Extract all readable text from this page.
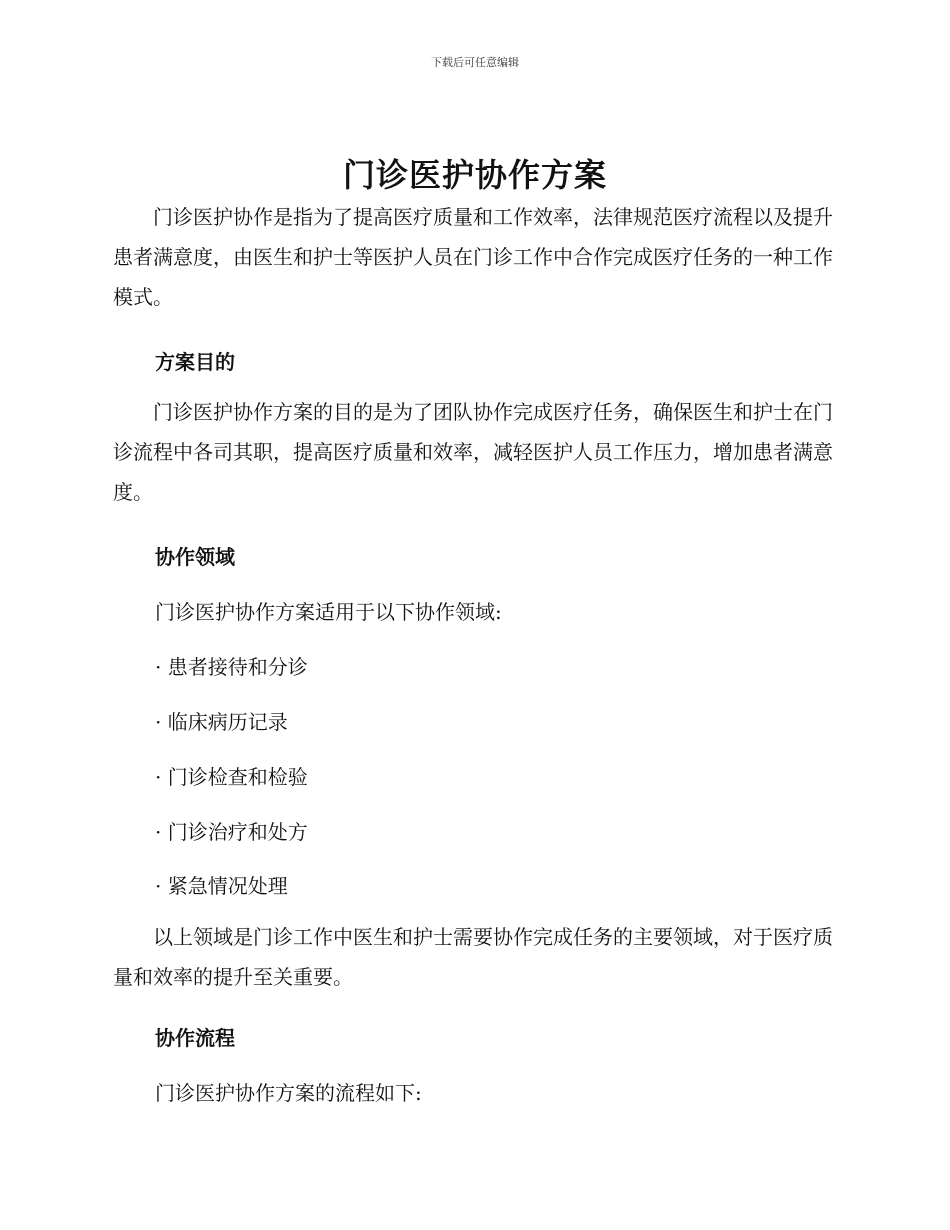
下载后可任意编辑
门诊医护协作方案
门诊医护协作是指为了提高医疗质量和工作效率，法律规范医疗流程以及提升患者满意度，由医生和护士等医护人员在门诊工作中合作完成医疗任务的一种工作模式。
方案目的
门诊医护协作方案的目的是为了团队协作完成医疗任务，确保医生和护士在门诊流程中各司其职，提高医疗质量和效率，减轻医护人员工作压力，增加患者满意度。
协作领域
门诊医护协作方案适用于以下协作领域:
· 患者接待和分诊
· 临床病历记录
· 门诊检查和检验
· 门诊治疗和处方
· 紧急情况处理
以上领域是门诊工作中医生和护士需要协作完成任务的主要领域，对于医疗质量和效率的提升至关重要。
协作流程
门诊医护协作方案的流程如下:
